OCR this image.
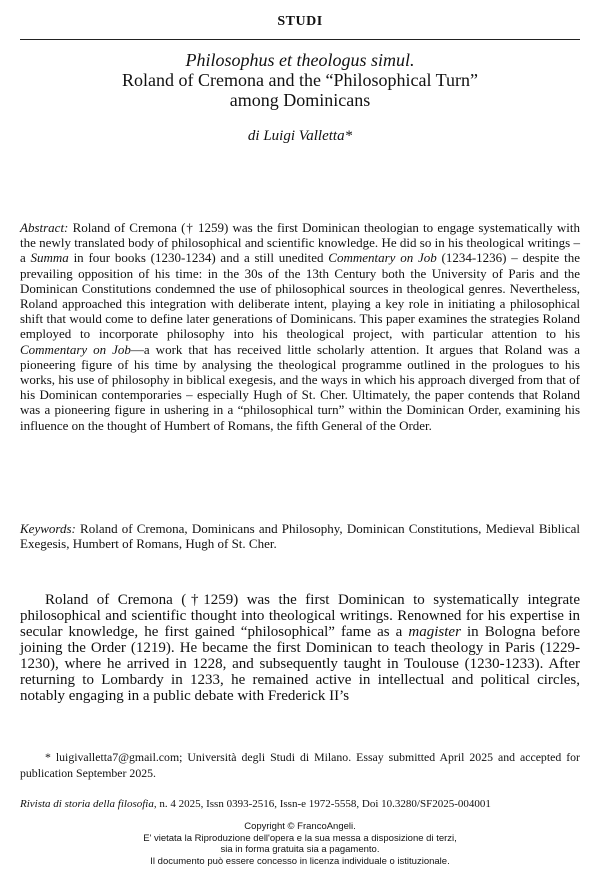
STUDI
Philosophus et theologus simul.
Roland of Cremona and the “Philosophical Turn”
among Dominicans
di Luigi Valletta*
Abstract: Roland of Cremona († 1259) was the first Dominican theologian to engage systematically with the newly translated body of philosophical and scientific knowledge. He did so in his theological writings – a Summa in four books (1230-1234) and a still unedited Commentary on Job (1234-1236) – despite the prevailing opposition of his time: in the 30s of the 13th Century both the University of Paris and the Dominican Constitutions condemned the use of philosophical sources in theological genres. Nevertheless, Roland approached this integration with deliberate intent, playing a key role in initiating a philosophical shift that would come to define later generations of Dominicans. This paper examines the strategies Roland employed to incorporate philosophy into his theological project, with particular attention to his Commentary on Job—a work that has received little scholarly attention. It argues that Roland was a pioneering figure of his time by analysing the theological programme outlined in the prologues to his works, his use of philosophy in biblical exegesis, and the ways in which his approach diverged from that of his Dominican contemporaries – especially Hugh of St. Cher. Ultimately, the paper contends that Roland was a pioneering figure in ushering in a “philosophical turn” within the Dominican Order, examining his influence on the thought of Humbert of Romans, the fifth General of the Order.
Keywords: Roland of Cremona, Dominicans and Philosophy, Dominican Constitutions, Medieval Biblical Exegesis, Humbert of Romans, Hugh of St. Cher.
Roland of Cremona (†1259) was the first Dominican to systematically integrate philosophical and scientific thought into theological writings. Renowned for his expertise in secular knowledge, he first gained “philosophical” fame as a magister in Bologna before joining the Order (1219). He became the first Dominican to teach theology in Paris (1229-1230), where he arrived in 1228, and subsequently taught in Toulouse (1230-1233). After returning to Lombardy in 1233, he remained active in intellectual and political circles, notably engaging in a public debate with Frederick II’s
* luigivalletta7@gmail.com; Università degli Studi di Milano. Essay submitted April 2025 and accepted for publication September 2025.
Rivista di storia della filosofia, n. 4 2025, Issn 0393-2516, Issn-e 1972-5558, Doi 10.3280/SF2025-004001
Copyright © FrancoAngeli.
E' vietata la Riproduzione dell'opera e la sua messa a disposizione di terzi,
sia in forma gratuita sia a pagamento.
Il documento può essere concesso in licenza individuale o istituzionale.
